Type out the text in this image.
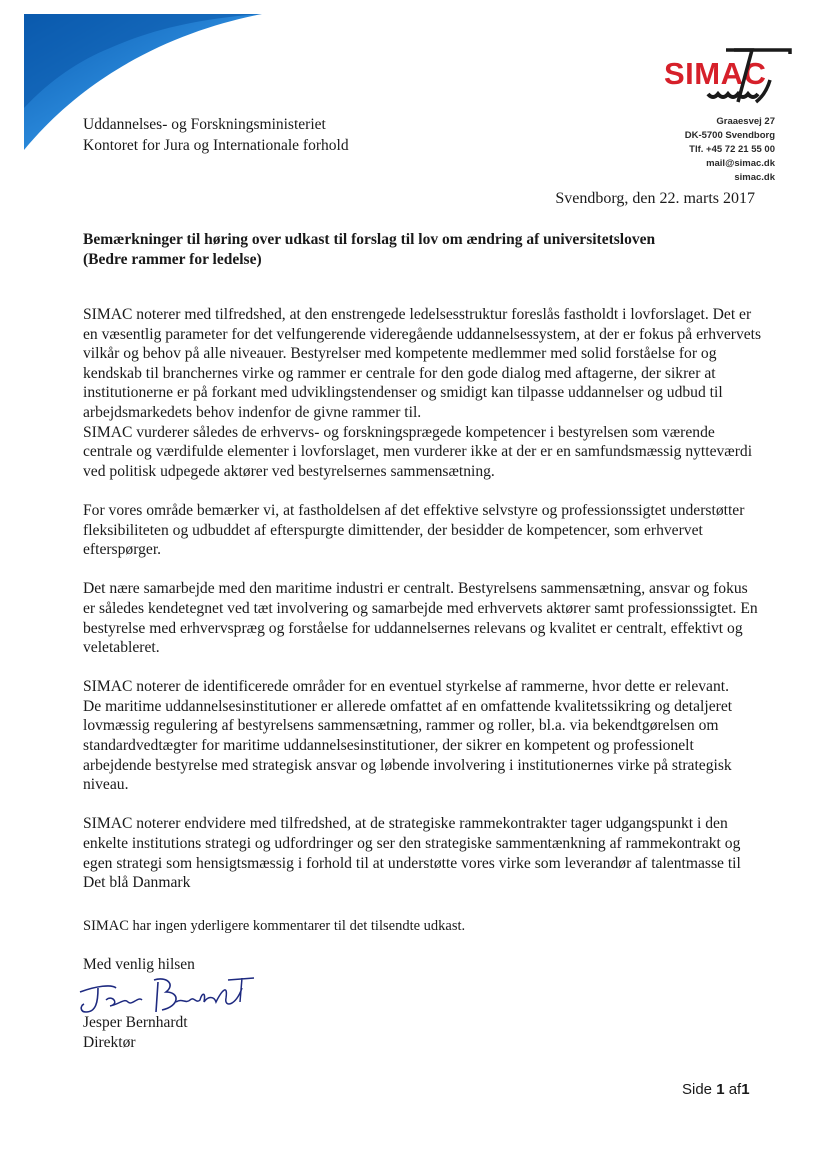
SIMAC
Uddannelses- og Forskningsministeriet
Kontoret for Jura og Internationale forhold
Graaesvej 27
DK-5700 Svendborg
Tlf. +45 72 21 55 00
mail@simac.dk
simac.dk
Svendborg, den 22. marts 2017
Bemærkninger til høring over udkast til forslag til lov om ændring af universitetsloven
(Bedre rammer for ledelse)

SIMAC noterer med tilfredshed, at den enstrengede ledelsesstruktur foreslås fastholdt i lovforslaget. Det er en væsentlig parameter for det velfungerende videregående uddannelsessystem, at der er fokus på erhvervets vilkår og behov på alle niveauer. Bestyrelser med kompetente medlemmer med solid forståelse for og kendskab til branchernes virke og rammer er centrale for den gode dialog med aftagerne, der sikrer at institutionerne er på forkant med udviklingstendenser og smidigt kan tilpasse uddannelser og udbud til arbejdsmarkedets behov indenfor de givne rammer til.

SIMAC vurderer således de erhvervs- og forskningsprægede kompetencer i bestyrelsen som værende centrale og værdifulde elementer i lovforslaget, men vurderer ikke at der er en samfundsmæssig nytteværdi ved politisk udpegede aktører ved bestyrelsernes sammensætning.

For vores område bemærker vi, at fastholdelsen af det effektive selvstyre og professionssigtet understøtter fleksibiliteten og udbuddet af efterspurgte dimittender, der besidder de kompetencer, som erhvervet efterspørger.

Det nære samarbejde med den maritime industri er centralt. Bestyrelsens sammensætning, ansvar og fokus er således kendetegnet ved tæt involvering og samarbejde med erhvervets aktører samt professionssigtet. En bestyrelse med erhvervspræg og forståelse for uddannelsernes relevans og kvalitet er centralt, effektivt og veletableret.

SIMAC noterer de identificerede områder for en eventuel styrkelse af rammerne, hvor dette er relevant.

De maritime uddannelsesinstitutioner er allerede omfattet af en omfattende kvalitetssikring og detaljeret lovmæssig regulering af bestyrelsens sammensætning, rammer og roller, bl.a. via bekendtgørelsen om standardvedtægter for maritime uddannelsesinstitutioner, der sikrer en kompetent og professionelt arbejdende bestyrelse med strategisk ansvar og løbende involvering i institutionernes virke på strategisk niveau.

SIMAC noterer endvidere med tilfredshed, at de strategiske rammekontrakter tager udgangspunkt i den enkelte institutions strategi og udfordringer og ser den strategiske sammentænkning af rammekontrakt og egen strategi som hensigtsmæssig i forhold til at understøtte vores virke som leverandør af talentmasse til Det blå Danmark

SIMAC har ingen yderligere kommentarer til det tilsendte udkast.
Med venlig hilsen
Jesper Bernhardt
Direktør
Side 1 af1
